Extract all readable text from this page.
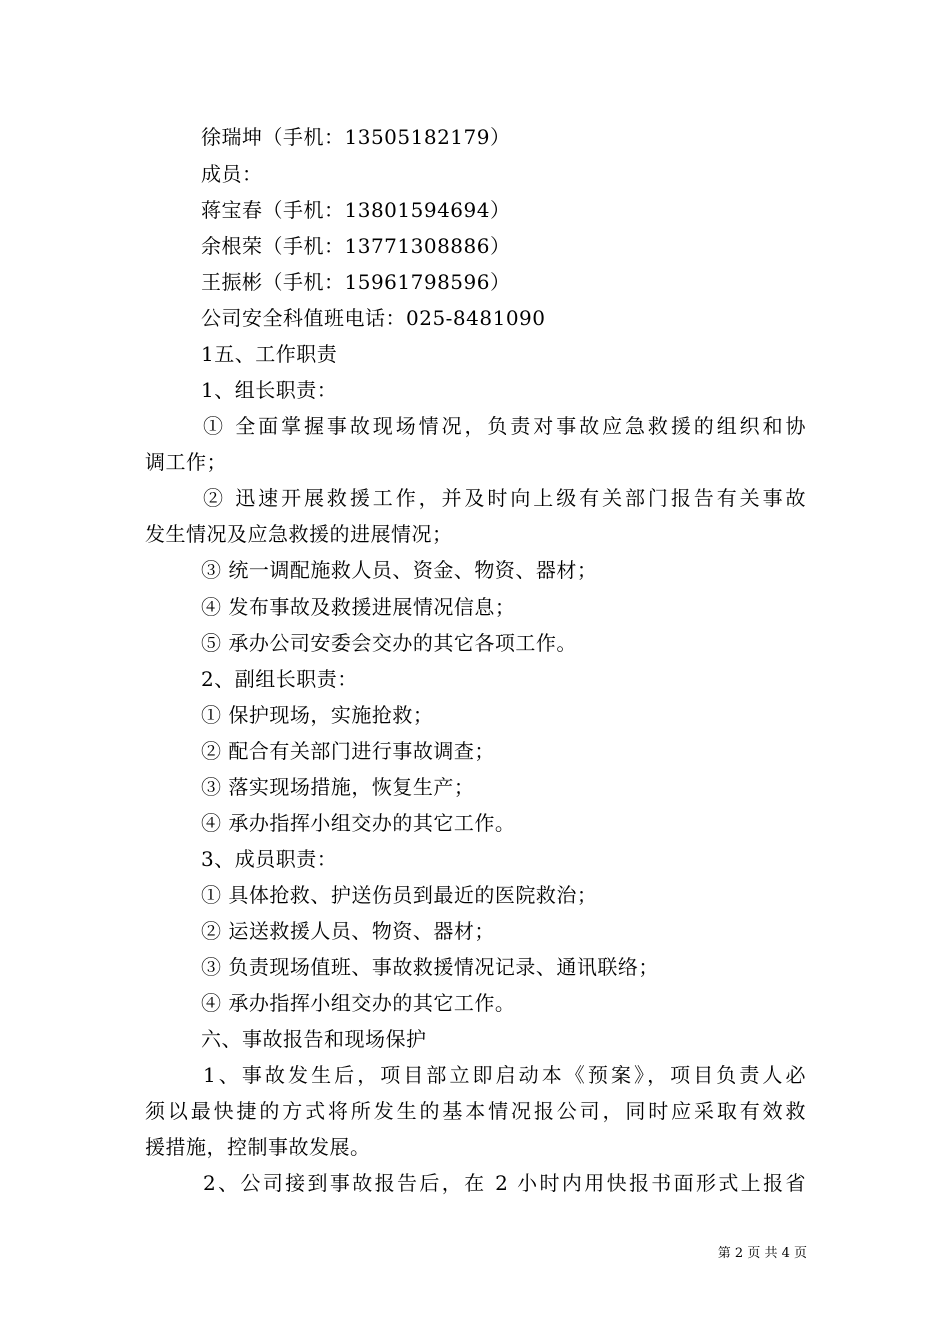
徐瑞坤（手机：13505182179）
成员：
蒋宝春（手机：13801594694）
余根荣（手机：13771308886）
王振彬（手机：15961798596）
公司安全科值班电话：025-8481090
1五、工作职责
1、组长职责：
① 全面掌握事故现场情况，负责对事故应急救援的组织和协
调工作；
② 迅速开展救援工作，并及时向上级有关部门报告有关事故
发生情况及应急救援的进展情况；
③ 统一调配施救人员、资金、物资、器材；
④ 发布事故及救援进展情况信息；
⑤ 承办公司安委会交办的其它各项工作。
2、副组长职责：
① 保护现场，实施抢救；
② 配合有关部门进行事故调查；
③ 落实现场措施，恢复生产；
④ 承办指挥小组交办的其它工作。
3、成员职责：
① 具体抢救、护送伤员到最近的医院救治；
② 运送救援人员、物资、器材；
③ 负责现场值班、事故救援情况记录、通讯联络；
④ 承办指挥小组交办的其它工作。
六、事故报告和现场保护
1、事故发生后，项目部立即启动本《预案》，项目负责人必
须以最快捷的方式将所发生的基本情况报公司，同时应采取有效救
援措施，控制事故发展。
2、公司接到事故报告后，在 2 小时内用快报书面形式上报省
第 2 页 共 4 页
